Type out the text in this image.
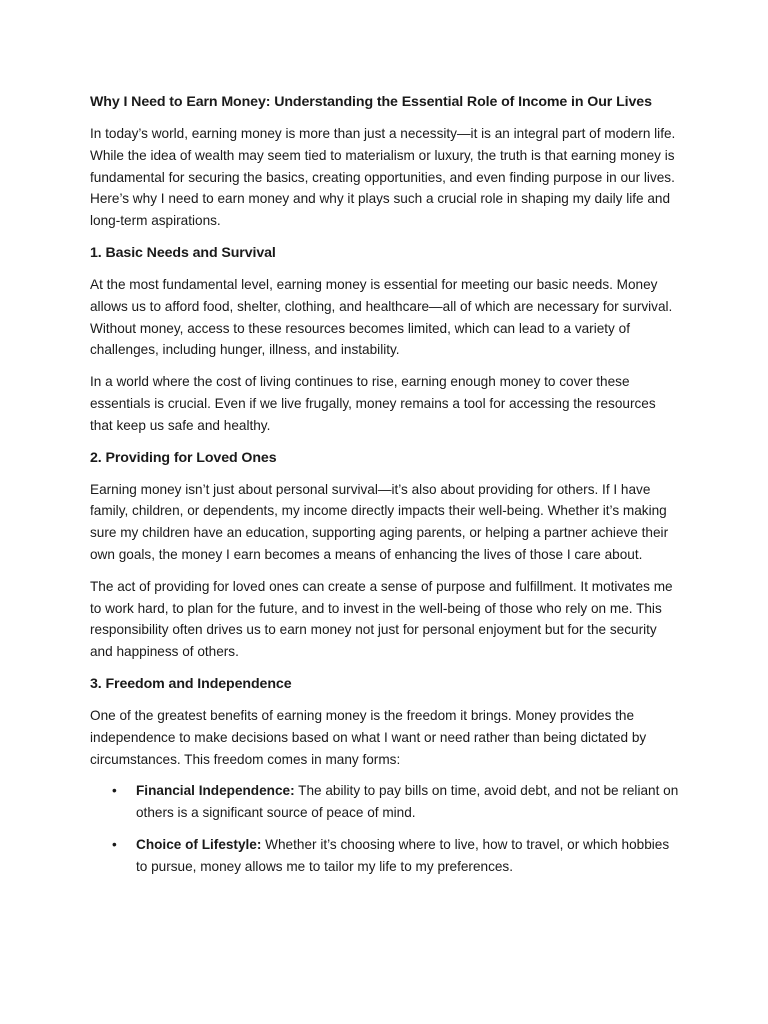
Why I Need to Earn Money: Understanding the Essential Role of Income in Our Lives

In today’s world, earning money is more than just a necessity—it is an integral part of modern life. While the idea of wealth may seem tied to materialism or luxury, the truth is that earning money is fundamental for securing the basics, creating opportunities, and even finding purpose in our lives. Here’s why I need to earn money and why it plays such a crucial role in shaping my daily life and long-term aspirations.

1. Basic Needs and Survival

At the most fundamental level, earning money is essential for meeting our basic needs. Money allows us to afford food, shelter, clothing, and healthcare—all of which are necessary for survival. Without money, access to these resources becomes limited, which can lead to a variety of challenges, including hunger, illness, and instability.

In a world where the cost of living continues to rise, earning enough money to cover these essentials is crucial. Even if we live frugally, money remains a tool for accessing the resources that keep us safe and healthy.

2. Providing for Loved Ones

Earning money isn’t just about personal survival—it’s also about providing for others. If I have family, children, or dependents, my income directly impacts their well-being. Whether it’s making sure my children have an education, supporting aging parents, or helping a partner achieve their own goals, the money I earn becomes a means of enhancing the lives of those I care about.

The act of providing for loved ones can create a sense of purpose and fulfillment. It motivates me to work hard, to plan for the future, and to invest in the well-being of those who rely on me. This responsibility often drives us to earn money not just for personal enjoyment but for the security and happiness of others.

3. Freedom and Independence

One of the greatest benefits of earning money is the freedom it brings. Money provides the independence to make decisions based on what I want or need rather than being dictated by circumstances. This freedom comes in many forms:

• Financial Independence: The ability to pay bills on time, avoid debt, and not be reliant on others is a significant source of peace of mind.
• Choice of Lifestyle: Whether it’s choosing where to live, how to travel, or which hobbies to pursue, money allows me to tailor my life to my preferences.
